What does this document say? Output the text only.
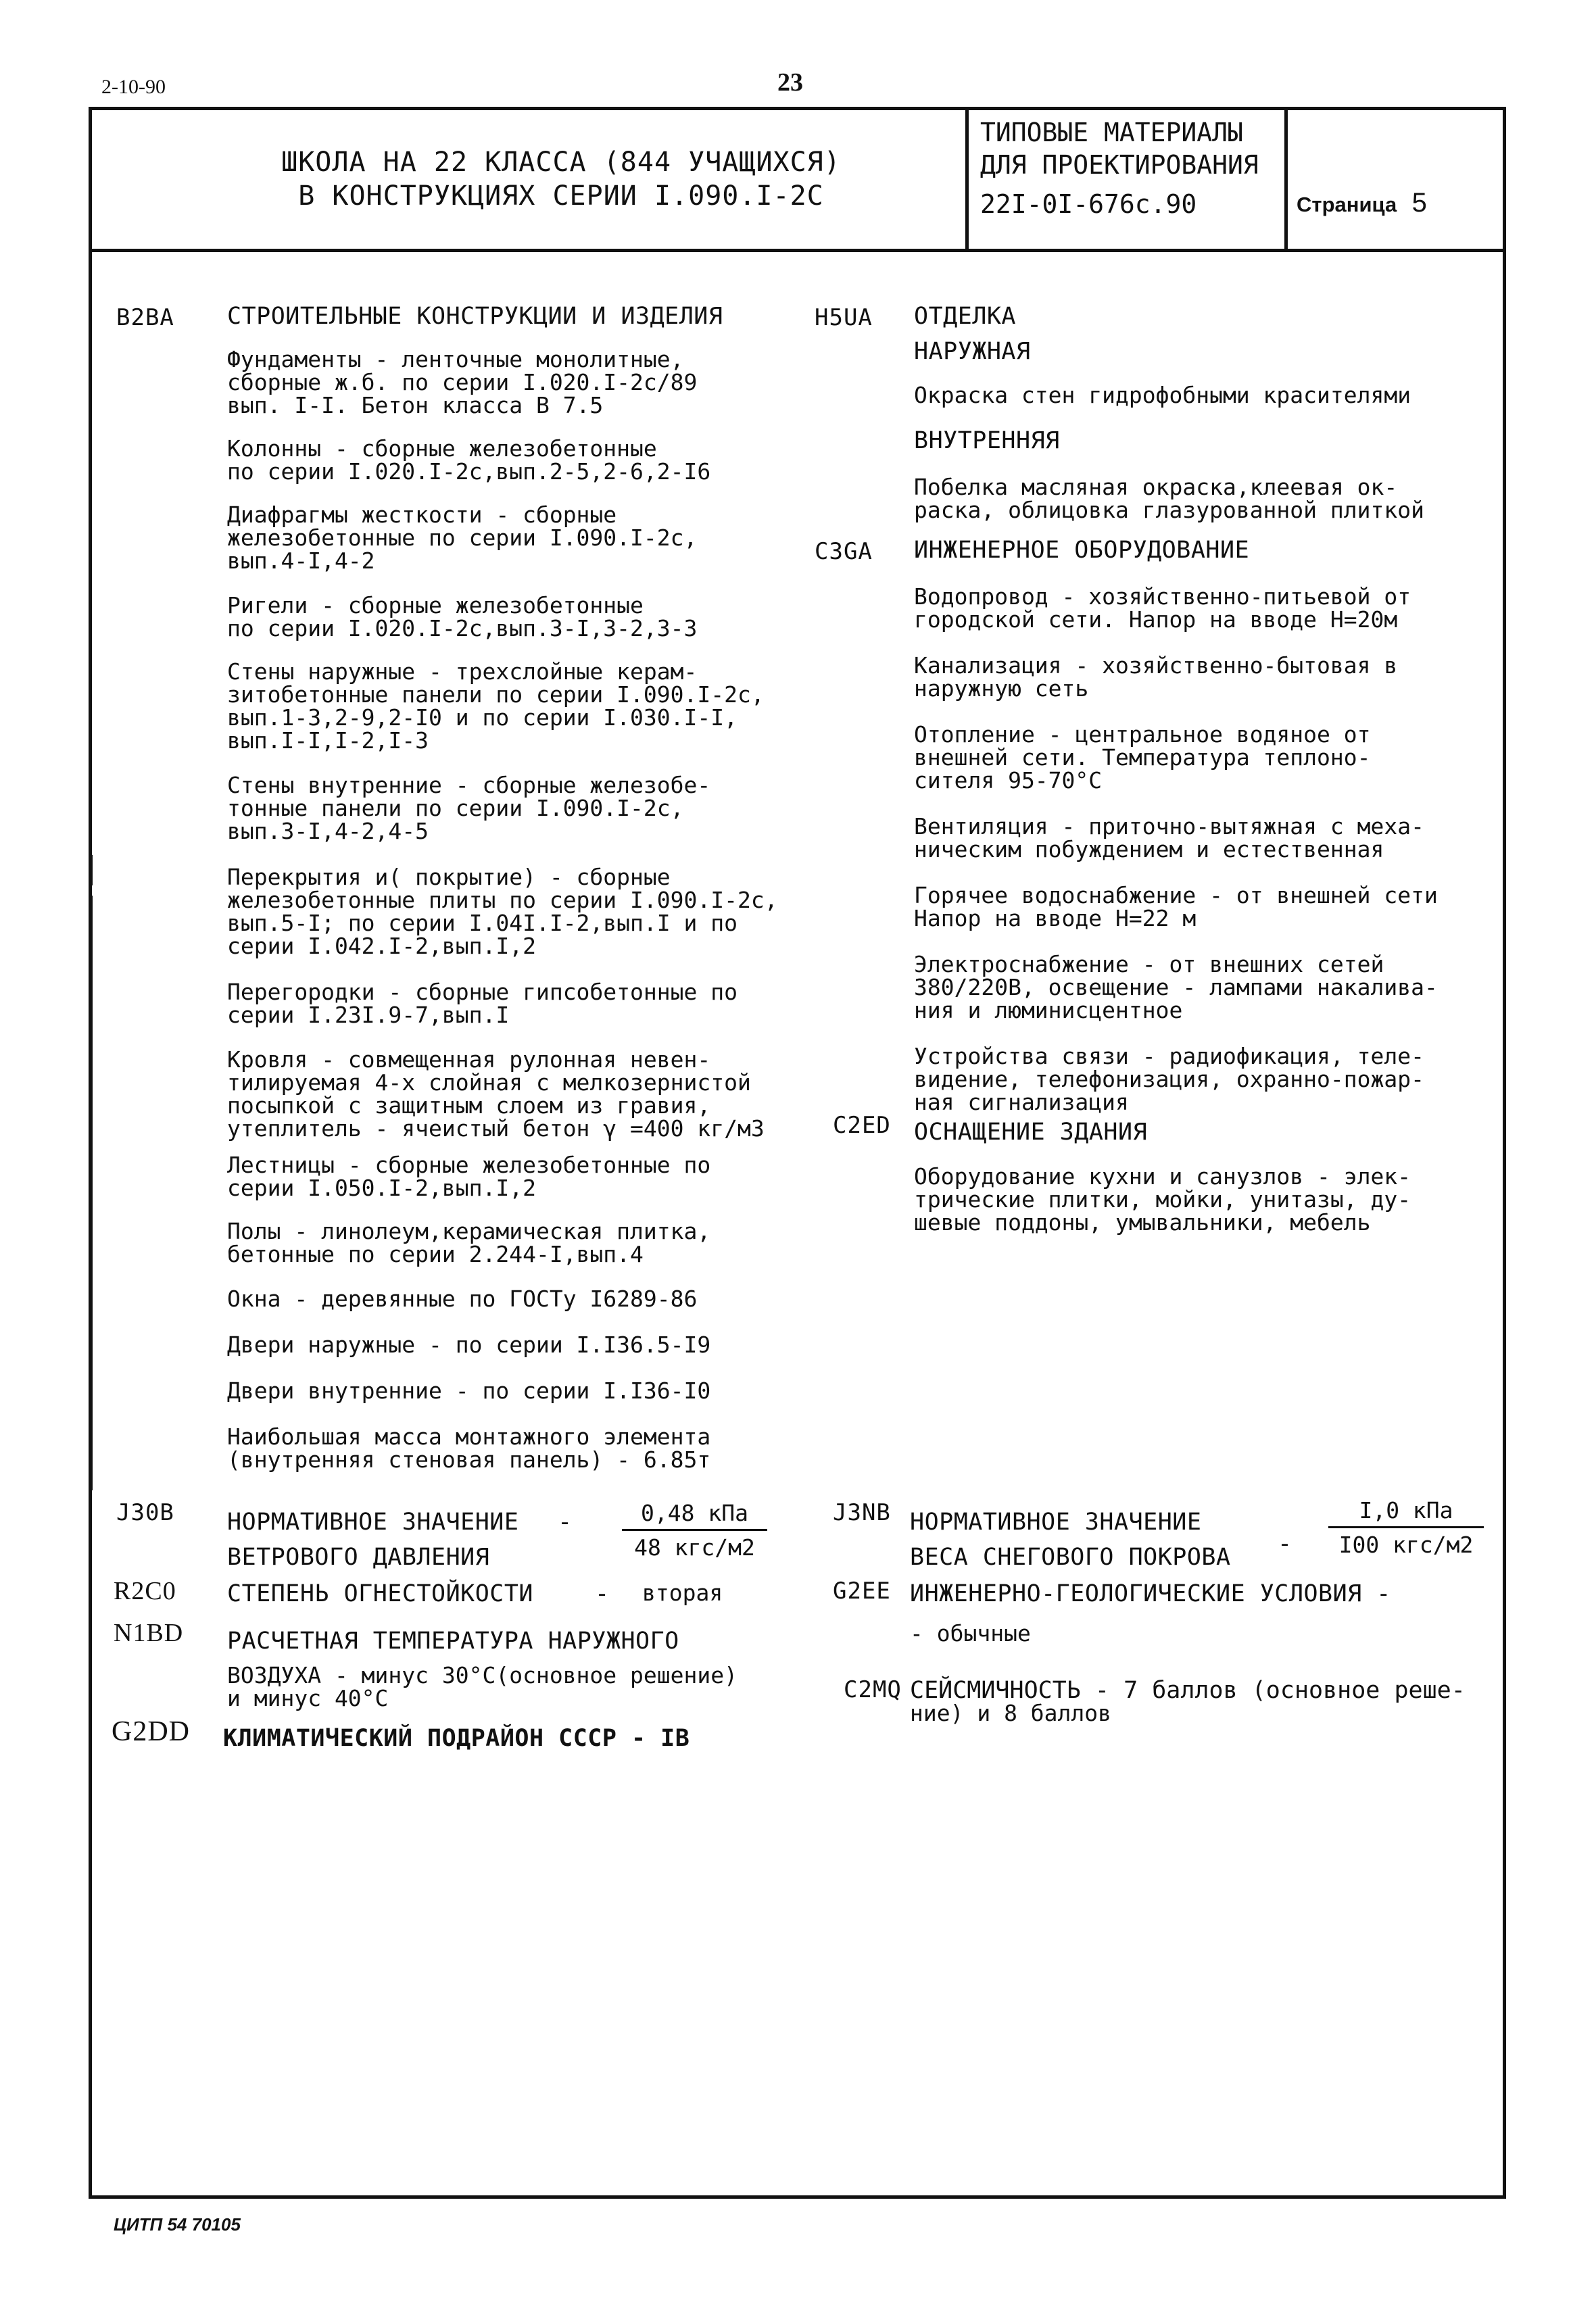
2-10-90	23
ШКОЛА НА 22 КЛАССА (844 УЧАЩИХСЯ)
В КОНСТРУКЦИЯХ СЕРИИ I.090.I-2С
ТИПОВЫЕ МАТЕРИАЛЫ
ДЛЯ ПРОЕКТИРОВАНИЯ
22I-0I-676с.90	Страница 5
B2BA СТРОИТЕЛЬНЫЕ КОНСТРУКЦИИ И ИЗДЕЛИЯ

Фундаменты - ленточные монолитные,
сборные ж.б. по серии I.020.I-2с/89
вып. I-I. Бетон класса В 7.5

Колонны - сборные железобетонные
по серии I.020.I-2с,вып.2-5,2-6,2-I6

Диафрагмы жесткости - сборные
железобетонные по серии I.090.I-2с,
вып.4-I,4-2

Ригели - сборные железобетонные
по серии I.020.I-2с,вып.3-I,3-2,3-3

Стены наружные - трехслойные керам-
зитобетонные панели по серии I.090.I-2с,
вып.1-3,2-9,2-I0 и по серии I.030.I-I,
вып.I-I,I-2,I-3

Стены внутренние - сборные железобе-
тонные панели по серии I.090.I-2с,
вып.3-I,4-2,4-5

Перекрытия и( покрытие) - сборные
железобетонные плиты по серии I.090.I-2с,
вып.5-I; по серии I.04I.I-2,вып.I и по
серии I.042.I-2,вып.I,2

Перегородки - сборные гипсобетонные по
серии I.23I.9-7,вып.I

Кровля - совмещенная рулонная невен-
тилируемая 4-х слойная с мелкозернистой
посыпкой с защитным слоем из гравия,
утеплитель - ячеистый бетон γ =400 кг/м3

Лестницы - сборные железобетонные по
серии I.050.I-2,вып.I,2

Полы - линолеум,керамическая плитка,
бетонные по серии 2.244-I,вып.4

Окна - деревянные по ГОСТу I6289-86

Двери наружные - по серии I.I36.5-I9

Двери внутренние - по серии I.I36-I0

Наибольшая масса монтажного элемента
(внутренняя стеновая панель) - 6.85т

H5UA ОТДЕЛКА
НАРУЖНАЯ
Окраска стен гидрофобными красителями
ВНУТРЕННЯЯ
Побелка масляная окраска,клеевая ок-
раска, облицовка глазурованной плиткой
C3GA ИНЖЕНЕРНОЕ ОБОРУДОВАНИЕ

Водопровод - хозяйственно-питьевой от
городской сети. Напор на вводе Н=20м

Канализация - хозяйственно-бытовая в
наружную сеть

Отопление - центральное водяное от
внешней сети. Температура теплоно-
сителя 95-70°С

Вентиляция - приточно-вытяжная с меха-
ническим побуждением и естественная

Горячее водоснабжение - от внешней сети
Напор на вводе Н=22 м

Электроснабжение - от внешних сетей
380/220В, освещение - лампами накалива-
ния и люминисцентное

Устройства связи - радиофикация, теле-
видение, телефонизация, охранно-пожар-
ная сигнализация

C2ED ОСНАЩЕНИЕ ЗДАНИЯ
Оборудование кухни и санузлов - элек-
трические плитки, мойки, унитазы, ду-
шевые поддоны, умывальники, мебель
J30B НОРМАТИВНОЕ ЗНАЧЕНИЕ
ВЕТРОВОГО ДАВЛЕНИЯ
-	0,48 кПа
48 кгс/м2
R2C0 СТЕПЕНЬ ОГНЕСТОЙКОСТИ	- вторая
N1BD РАСЧЕТНАЯ ТЕМПЕРАТУРА НАРУЖНОГО
ВОЗДУХА - минус 30°С(основное решение)
и минус 40°С
G2DD КЛИМАТИЧЕСКИЙ ПОДРАЙОН СССР - IВ
J3NB НОРМАТИВНОЕ ЗНАЧЕНИЕ
ВЕСА СНЕГОВОГО ПОКРОВА -
I,0 кПа
I00 кгс/м2
G2EE ИНЖЕНЕРНО-ГЕОЛОГИЧЕСКИЕ УСЛОВИЯ -
- обычные
C2MQ СЕЙСМИЧНОСТЬ - 7 баллов (основное реше-
ние) и 8 баллов
ЦИТП 54 70105
